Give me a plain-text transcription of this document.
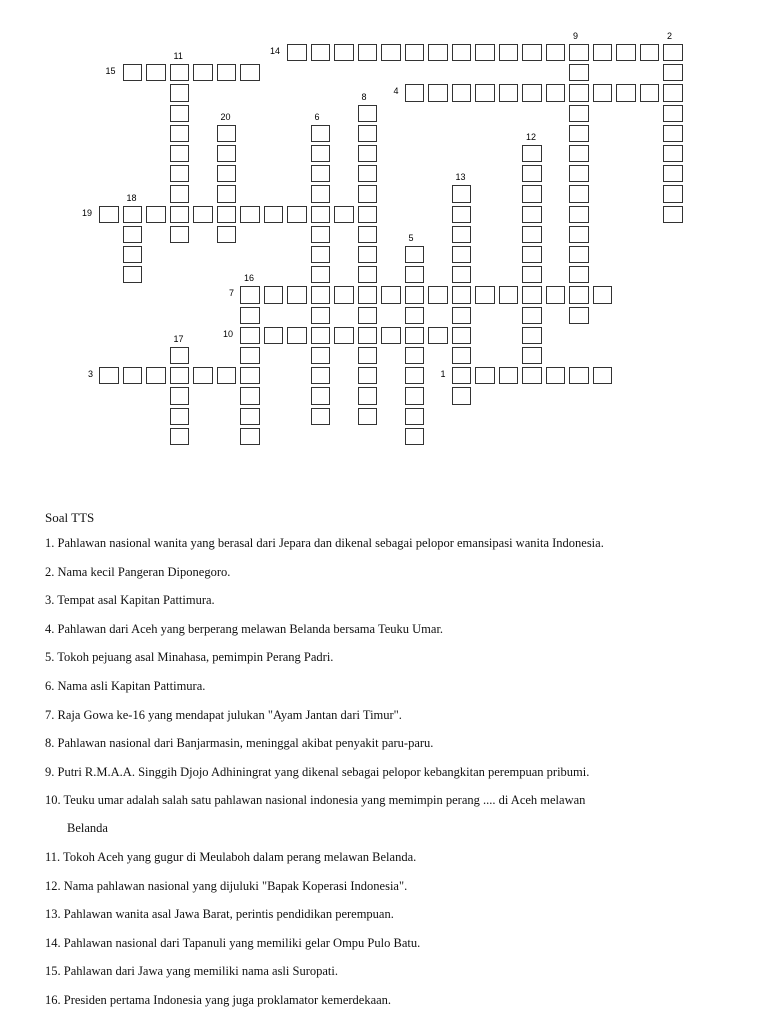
1
2
3
4
5
6
7
8
9
10
11
12
13
14
15
16
17
18
19
20
Soal TTS
1. Pahlawan nasional wanita yang berasal dari Jepara dan dikenal sebagai pelopor emansipasi wanita Indonesia.
2. Nama kecil Pangeran Diponegoro.
3. Tempat asal Kapitan Pattimura.
4. Pahlawan dari Aceh yang berperang melawan Belanda bersama Teuku Umar.
5. Tokoh pejuang asal Minahasa, pemimpin Perang Padri.
6. Nama asli Kapitan Pattimura.
7. Raja Gowa ke-16 yang mendapat julukan "Ayam Jantan dari Timur".
8. Pahlawan nasional dari Banjarmasin, meninggal akibat penyakit paru-paru.
9. Putri R.M.A.A. Singgih Djojo Adhiningrat yang dikenal sebagai pelopor kebangkitan perempuan pribumi.
10. Teuku umar adalah salah satu pahlawan nasional indonesia yang memimpin perang .... di Aceh melawan
Belanda
11. Tokoh Aceh yang gugur di Meulaboh dalam perang melawan Belanda.
12. Nama pahlawan nasional yang dijuluki "Bapak Koperasi Indonesia".
13. Pahlawan wanita asal Jawa Barat, perintis pendidikan perempuan.
14. Pahlawan nasional dari Tapanuli yang memiliki gelar Ompu Pulo Batu.
15. Pahlawan dari Jawa yang memiliki nama asli Suropati.
16. Presiden pertama Indonesia yang juga proklamator kemerdekaan.
